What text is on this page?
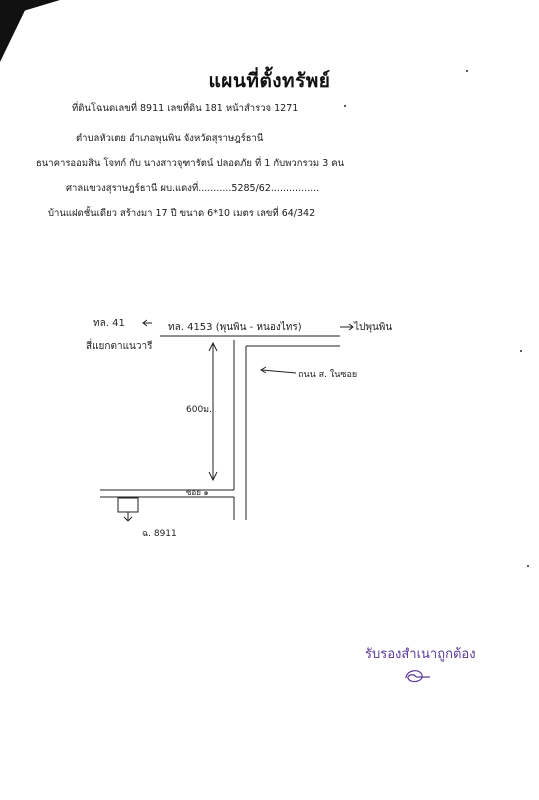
แผนที่ตั้งทรัพย์
ที่ดินโฉนดเลขที่ 8911 เลขที่ดิน 181 หน้าสำรวจ 1271
ตำบลหัวเตย อำเภอพุนพิน จังหวัดสุราษฎร์ธานี
ธนาคารออมสิน โจทก์ กับ นางสาวจุฑารัตน์ ปลอดภัย ที่ 1 กับพวกรวม 3 คน
ศาลแขวงสุราษฎร์ธานี ผบ.แดงที่...........5285/62................
บ้านแฝดชั้นเดียว สร้างมา 17 ปี ขนาด 6*10 เมตร เลขที่ 64/342
ทล. 41
สี่แยกตาแนวารี
ทล. 4153 (พุนพิน - หนองไทร)	ไปพุนพิน
ถนน ส. ในซอย
600ม.
ซอย ๑
ฉ. 8911
รับรองสำเนาถูกต้อง
